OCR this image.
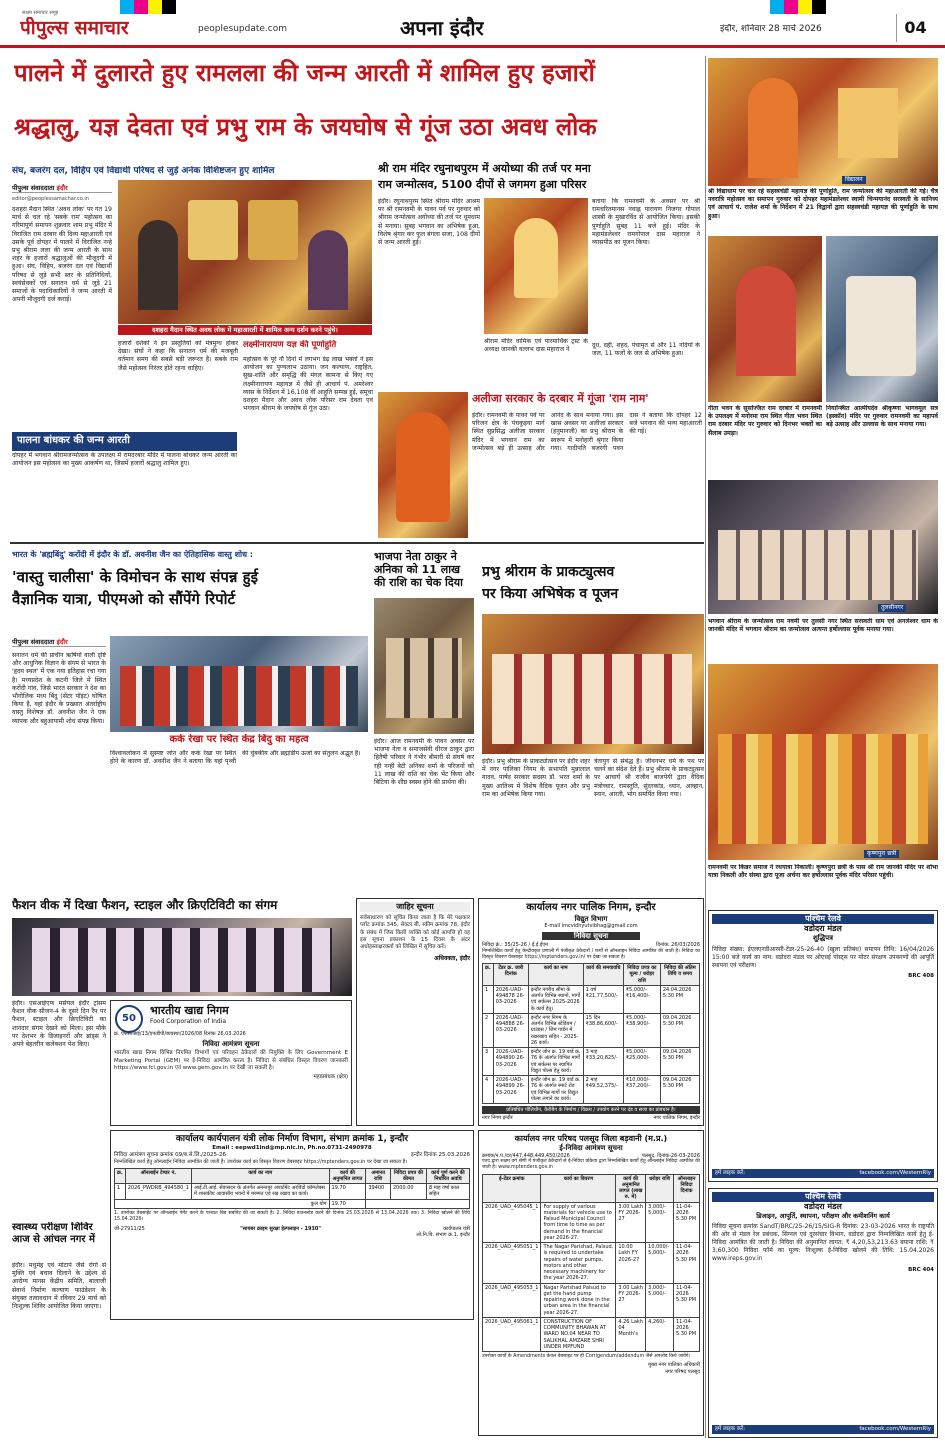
सक्षम समाचार समूह
पीपुल्स समाचार	peoplesupdate.com	अपना इंदौर	इंदौर, शनिवार 28 मार्च 2026	04
पालने में दुलारते हुए रामलला की जन्म आरती में शामिल हुए हजारों
श्रद्धालु, यज्ञ देवता एवं प्रभु राम के जयघोष से गूंज उठा अवध लोक
संघ, बजरंग दल, विहिप एवं विद्यार्थी परिषद से जुड़े अनेक विशिष्टजन हुए शामिल
पीपुल्स संवाददाता इंदौर
editor@peoplessamachar.co.in
दशहरा मैदान स्थित 'अवध लोक' पर गत 19 मार्च से चल रहे 'सबके राम' महोत्सव का गरिमापूर्ण समापन शुक्रवार शाम प्रभु मंदिर में विराजित राम दरबार की दिव्य महाआरती एवं उसके पूर्व दोपहर में पालने में विराजित नन्हे प्रभु श्रीराम लला की जन्म आरती के साथ शहर के हजारों श्रद्धालुओं की मौजूदगी में हुआ। संघ, विहिप, बजरंग दल एवं विद्यार्थी परिषद से जुड़े सभी स्तर के प्रतिनिधियों, स्वयंसेवकों एवं सनातन धर्म से जुड़े 21 समाजों के पदाधिकारियों ने जन्म आरती में अपनी मौजूदगी दर्ज कराई।
दशहरा मैदान स्थित अवध लोक में महाआरती में शामिल अन्य दर्शन करने पहुंचे।
हजारों दर्शकों ने इन प्रस्तुतियों को मंत्रमुग्ध होकर देखा। संघों ने कहा कि सनातन धर्म की मजबूती वर्तमान समय की सबसे बड़ी जरूरत है। सबके राम जैसे महोत्सव निरंतर होते रहना चाहिए।
लक्ष्मीनारायण यज्ञ की पूर्णाहुति
महोत्सव के पूरे नौ दिनों में लगभग डेढ़ लाख भक्तों ने इस आयोजन का पुण्यलाभ उठाया। जन कल्याण, राष्ट्रहित, सुख-शांति और समृद्धि की मंगल कामना से किए गए लक्ष्मीनारायण महायज्ञ में जैसे ही आचार्य पं. अमरेश्वर व्यास के निर्देशन में 16,108 वीं आहुति सम्पन्न हुई, समूचा दशहरा मैदान और अवध लोक परिसर राम देवता एवं भगवान श्रीराम के जयघोष से गूंज उठा।
पालना बांधकर की जन्म आरती
दोपहर में भगवान श्रीरामजन्मोत्सव के उपलक्ष्य में रामदरबार मंदिर में पालना बांधकर जन्म आरती का आयोजन इस महोत्सव का मुख्य आकर्षण था, जिसमें हजारों श्रद्धालु शामिल हुए।
श्री राम मंदिर रघुनाथपुरम में अयोध्या की तर्ज पर मना
राम जन्मोत्सव, 5100 दीपों से जगमग हुआ परिसर
इंदौर। रघुनाथपुरम स्थित श्रीराम मंदिर आश्रम पर श्री रामनवमी के पावन पर्व पर गुरुवार को श्रीराम जन्मोत्सव अयोध्या की तर्ज पर धूमधाम से मनाया। सुबह भगवान का अभिषेक हुआ, विशेष श्रृंगार कर फूल बंगला सजा, 108 दीपों से जन्म आरती हुई।
श्रीराम मंदिर धार्मिक एवं पारमार्थिक ट्रस्ट के अध्यक्ष जानकी वल्लभ दास महाराज ने
बताया कि रामनवमी के अवसर पर श्री रामचरितमानस नवाह्न पारायण निजगर गोपाल शास्त्री के मुखारविंद से आयोजित किया। इसकी पूर्णाहुति सुबह 11 बजे हुई। मंदिर के महामंडलेश्वर रामगोपाल दास महाराज ने व्यासपीठ का पूजन किया।
दूध, दही, शहद, पंचामृत से और 11 नदियों के जल, 11 फलों के जल से अभिषेक हुआ।
अलीजा सरकार के दरबार में गूंजा 'राम नाम'
इंदौर। रामनवमी के पावन पर्व पर परिजन क्षेत्र के पंचकुइया मार्ग स्थित सुप्रसिद्ध अलीजा सरकार मंदिर में भगवान राम का जन्मोत्सव बड़े ही उत्साह और आनंद के साथ मनाया गया। इस खास अवसर पर अलीजा सरकार (हनुमानजी) का प्रभु श्रीराम के स्वरूप में मनोहारी श्रृंगार किया गया। गादीपति बजरंगी पवन दास ने बताया कि दोपहर 12 बजे भगवान की भव्य महाआरती की गई।
विद्यालन
श्री विद्याधाम पर चल रहे सहस्त्रचंडी महायज्ञ की पूर्णाहुति, राम जन्मोत्सव की महाआरती की गई। चैत्र नवरात्रि महोत्सव का समापन गुरुवार को दोपहर महामंडलेश्वर स्वामी चिन्मयानंद सरस्वती के सानिध्य एवं आचार्य पं. राजेश शर्मा के निर्देशन में 21 विद्वानों द्वारा सहस्त्रचंडी महायज्ञ की पूर्णाहुति के साथ हुआ।
गीता भवन के सुसज्जित राम दरबार में रामनवमी के उपलक्ष्य में मनोरमा राम स्थित गीता भवन स्थित राम दरबार मंदिर पर गुरुवार को दिनभर भक्तों का सैलाब उमड़ा।
नियान्स्थित आत्मीयदेव श्रीकृष्णा भागवमूल सत्र (इस्कॉन) मंदिर पर गुरुवार रामनवमी का महापर्व बड़े उत्साह और उल्लास के साथ मनाया गया।
तुलसीनगर
भगवान श्रीराम के जन्मोत्सव राम नवमी पर तुलसी नगर स्थित सरस्वती धाम एवं अनलेश्वर धाम के जानकी मंदिर में भगवान श्रीराम का जन्मोत्सव अत्यन्त हर्षोल्लास पूर्वक मनाया गया।
कृष्णपुरा छत्री
रामनवमी पर किन्नर समाज ने रथयात्रा निकाली। कृष्णपुरा छत्री के पास श्री राम जानकी मंदिर पर शोभा यात्रा निकली और संस्था द्वारा पूजा अर्चना कर हर्षोल्लास पूर्वक मंदिर परिसर पहुंची।
भारत के 'ब्रह्मबिंदु' करोंदी में इंदौर के डॉ. अवनीश जैन का ऐतिहासिक वास्तु शोध :
'वास्तु चालीसा' के विमोचन के साथ संपन्न हुई
वैज्ञानिक यात्रा, पीएमओ को सौंपेंगे रिपोर्ट
पीपुल्स संवाददाता इंदौर
सनातन धर्म की प्राचीन ऋषियों वाली दृष्टि और आधुनिक विज्ञान के संगम से भारत के 'हृदय स्थल' में एक नया इतिहास रचा गया है। मध्यप्रदेश के कटनी जिले में स्थित करोंदी गांव, जिसे भारत सरकार ने देश का भौगोलिक मध्य बिंदु (सेंटर पॉइंट) घोषित किया है, वहां इंदौर के प्रख्यात अंतर्राष्ट्रीय वास्तु विशेषज्ञ डॉ. अवनीश जैन ने एक व्यापक और बहुआयामी शोध संपन्न किया।
कर्क रेखा पर स्थित केंद्र बिंदु का महत्व
विश्वावलोकन में सुस्पष्ट जोन और कर्क रेखा पर स्थित होने के कारण डॉ. अवनीश जैन ने बताया कि यहां पृथ्वी की चुंबकीय और ब्रह्मांडीय ऊर्जा का संतुलन अद्भुत है।
भाजपा नेता ठाकुर ने
अनिका को 11 लाख
की राशि का चेक दिया
इंदौर। आज रामनवमी के पावन अवसर पर भाजपा नेता व समाजसेवी धीरज ठाकुर द्वारा हितैषी परिवार ने गंभीर बीमारी से संघर्ष कर रही नन्ही बेटी अनिका शर्मा के परिजनों को 11 लाख की राशि का चेक भेंट किया और बिटिया के शीघ्र स्वस्थ होने की प्रार्थना की।
प्रभु श्रीराम के प्राकट्युत्सव
पर किया अभिषेक व पूजन
इंदौर। प्रभु श्रीराम के प्राकट्योत्सव पर इंदौर शहर में नगर पालिका निगम के सभापति मुन्नालाल यादव, पार्षद सरकार सदस्य डॉ. भरत शर्मा के मुख्य आतिथ्य में विशेष वैदिक पूजन और प्रभु राम का अभिषेक किया गया।
त्रेतायुग से संबंद्ध है। जीवनभर धर्म के पथ पर चलने का संदेश देते हैं। प्रभु श्रीराम के प्राकट्युत्सव पर आचार्य श्री राजीव बाजपेयी द्वारा वैदिक मंत्रोच्चार, रामस्तुति, सुंदरकांड, ध्यान, आव्हान, स्नान, आरती, भोग समर्पित किया गया।
फैशन वीक में दिखा फैशन, स्टाइल और क्रिएटिविटी का संगम
इंदौर। एसआईएफ मसेयल इंदौर ट्रांसम फैशन वीक सीजन-4 के दूसरे दिन रैंप पर फैशन, स्टाइल और क्रिएटिविटी का शानदार संगम देखने को मिला। इस मौके पर देशभर के डिजाइनरों और ब्रांड्स ने अपने बेहतरीन कलेक्शन पेश किए।
50
भारतीय खाद्य निगम
Food Corporation of India
क्र. एफसीआई/13/एफडीपी/ब्यवस्था/2026/08 दिनांक 26.03.2026
निविदा आमंत्रण सूचना
भारतीय खाद्य निगम विभिन्न निगमित विभागों एवं परिवहन ठेकेदारों की नियुक्ति के लिए Government E Marketing Portal (GEM) पर ई-निविदा आमंत्रित करता है। निविदा से संबंधित विस्तृत विवरण जानकारी https://www.fci.gov.in एवं www.gem.gov.in पर देखी जा सकती है।
महाप्रबंधक (क्षेत्र)
जाहिर सूचना
सर्वसाधारण को सूचित किया जाता है कि मेरे पक्षकार प्लॉट क्रमांक 345, सेक्टर बी, स्कीम क्रमांक 78, इंदौर के संबंध में जिस किसी व्यक्ति को कोई आपत्ति हो वह इस सूचना प्रकाशन के 15 दिवस के अंदर अधोहस्ताक्षरकर्ता को लिखित में सूचित करें।
अधिवक्ता, इंदौर
कार्यालय नगर पालिक निगम, इन्दौर
विद्युत विभाग
E-mail imcvidhyutvibhag@gmail.com
निविदा सूचना
निविदा क्रं.: 35/25-26 / ई.ई.ईएम	दिनांक: 26/03/2026
निम्नलिखित कार्यों हेतु केन्द्रीयकृत प्रणाली में पंजीकृत ठेकेदारों / फर्मों से ऑनलाइन निविदा आमंत्रित की जाती है। निविदा का विस्तृत विवरण वेबसाइट https://mptenders.gov.in/ पर देखा जा सकता है।
क्र.	टेंडर क्र. जारी दिनांक	कार्य का नाम	कार्य की समयावधि	निविदा प्रपत्र का मूल्य / धरोहर राशि	निविदा की अंतिम तिथि व समय
1	2026-UAD-494878 26-03-2026	इन्दौर नगरीय सीमा के अंतर्गत विभिन्न स्थानों, मार्गों एवं सर्कल्स 2025-2026 के कार्य हेतु।	1 वर्ष ₹21,77,500/-	₹5,000/- ₹16,400/-	24.04.2026 5:30 PM
2	2026-UAD-494888 26-03-2026	इन्दौर नगर निगम के अंतर्गत विभिन्न स्टेडियम / ग्राउंडस / जिम गार्डन में रखरखाव सहित - 2025-26 कार्य।	15 दिन ₹38,86,600/-	₹5,000/- ₹38,900/-	09.04.2026 5:30 PM
3	2026-UAD-494890 26-03-2026	इन्दौर जोन क्र. 19 वार्ड क्र. 76 के अंतर्गत विभिन्न मार्गों एवं सर्कल्स पर स्थापित विद्युत पोल्स हेतु कार्य।	3 माह ₹33,20,825/-	₹5,000/- ₹25,000/-	09.04.2026 5:30 PM
4	2026-UAD-494899 26-03-2026	इन्दौर जोन क्र. 19 वार्ड क्र. 76 के अंतर्गत स्मार्ट रोड एवं विभिन्न मार्गों पर विद्युत पोल्स लगाने का कार्य।	2 माह ₹49,52,375/-	₹10,000/- ₹37,200/-	09.04.2026 5:30 PM
प्रतिबंधित पॉलिथीन, कैरीबैग के निर्माण / विक्रय / उपयोग करने पर दंड व सजा का प्रावधान है।
नगर निगम इन्दौर	नगर पालिक निगम, इन्दौर
कार्यालय कार्यपालन यंत्री लोक निर्माण विभाग, संभाग क्रमांक 1, इन्दौर
Email : eepwd1ind@mp.nic.in, Ph.no.0731-2490978
निविदा आमंत्रण सूचना क्रमांक 09/ब.से.लि./2025-26	इन्दौर दिनांक 25.03.2026
निम्नलिखित कार्य हेतु ऑनलाईन निविदा आमंत्रित की जाती है। उपरोक्त कार्य का विस्तृत विवरण वेबसाइट https://mptenders.gov.in पर देखा जा सकता है।
क्र.	ऑनलाईन टेण्डर नं.	कार्य का नाम	कार्य की अनुमानित लागत	अमानत राशि	निविदा प्रपत्र की कीमत	कार्य पूर्ण करने की निर्धारित अवधि
1	2026_PWDRB_494580_1	आई.टी.आई. सेवासदन के अंतर्गत अनन्तपुर अपार्टमेंट अरविंदो कॉम्प्लेक्स में शासकीय आवासीय भवनों में मरम्मत एवं रख रखाव का कार्य।	19.70	39400	2000.00	8 माह वर्षा काल सहित
कुल योग			19.70			
1. उपरोक्त वेबसाईट पर ऑनलाईन पेमेंट करने के पश्चात बिड सबमिट की जा सकती है। 2. निविदा डाउनलोड करने की दिनांक 25.03.2026 से 13.04.2026 तक। 3. निविदा खोलने की तिथि 15.04.2026।
जी-27911/25	"सायबर क्राइम सुरक्षा हेल्पलाइन - 1930"	कार्यपालन यंत्री
लो.नि.वि. संभाग क्र.1, इन्दौर
कार्यालय नगर परिषद पलसूद जिला बड़वानी (म.प्र.)
ई-निविदा आमंत्रण सूचना
क्रमांक/न.प./दर/447,448,449,450/2026	पलसूद, दिनांक-26-03-2026
एतद द्वारा सक्षम वर्ग श्रेणी में पंजीकृत ठेकेदारों से ई-निविदा प्रक्रिया द्वारा निम्नलिखित कार्यों हेतु ऑनलाईन निविदा आमंत्रित की जाती है। www.mptenders.gov.in
ई-टेंडर क्रमांक	कार्य का विवरण	कार्य की अनुमानित लागत (लाख रु. में)	धरोहर राशि	ऑनलाइन निविदा दिनांक
2026_UAD_495045_1	For supply of various materials for vehicle use to Palsud Municipal Council from time to time as per demand in the financial year 2026-27.	3.00 Lakh FY 2026-27	3,000/- 5,000/-	11-04-2026 5.30 PM
2026_UAD_495051_1	The Nagar Parishad, Palsud, is required to undertake repairs of water pumps, motors and other necessary machinery for the year 2026-27.	10.00 Lakh FY 2026-27	10,000/- 5,000/-	11-04-2026 5.30 PM
2026_UAD_495053_1	Nagar Parishad Palsud to get the hand pump repairing work done in the urban area in the financial year 2026-27.	3.00 Lakh FY 2026-27	3,000/- 5,000/-	11-04-2026 5.30 PM
2026_UAD_495061_1	CONSTRUCTION OF COMMUNITY BHAWAN AT WARD NO.04 NEAR TO SALIKHAL AMZARE SHRI UNDER MPFUND	4.26 Lakh 04 Month's	4,260/-	11-04-2026 5.30 PM
उपरोक्त कार्यों के Amendments केवल वेबसाइट पर ही Corrigendum/addendum जैसे अपलोड किये जायेंगे।
मुख्य नगर पालिका अधिकारी
नगर परिषद पलसूद
स्वास्थ्य परीक्षण शिविर
आज से आंचल नगर में
इंदौर। मधुमेह एवं मोटापे जैसे रोगों से मुक्ति एवं बचाव दिलाने के उद्देश्य से आरोग्य मानस केंद्रीय समिति, बालाजी सेवार्थ निर्माण कल्याण फाउंडेशन के संयुक्त तत्वावधान में रविवार 29 मार्च को निःशुल्क शिविर आयोजित किया जाएगा।
पश्चिम रेलवे
वडोदरा मंडल
शुद्धिपत्र
निविदा संख्या: ईएलएनडीआरसी-टेंडर-25-26-40 (खुला प्रतिबंध) समापन तिथि: 16/04/2026 15:00 बजे कार्य का नाम: वडोदरा मंडल पर ओएचई पोस्ट्स पर मोटर संरक्षण उपकरणों की आपूर्ति स्थापना एवं परीक्षण।
BRC 408
हमें लाइक करें:	facebook.com/WesternRly
पश्चिम रेलवे
वडोदरा मंडल
डिजाइन, आपूर्ति, स्थापना, परीक्षण और कमीशनिंग कार्य
निविदा सूचना क्रमांक SandT/BRC/25-26/15/SIG-R दिनांक: 23-03-2026 भारत के राष्ट्रपति की ओर से मंडल रेल प्रबंधक, सिग्नल एवं दूरसंचार विभाग, वडोदरा द्वारा निम्नलिखित कार्य हेतु ई-निविदा आमंत्रित की जाती है। निविदा की अनुमानित लागत: ₹ 4,20,53,213.63 बयाना राशि: ₹ 3,60,300 निविदा फॉर्म का मूल्य: निःशुल्क ई-निविदा खोलने की तिथि: 15.04.2026 www.ireps.gov.in
BRC 404
हमें लाइक करें:	facebook.com/WesternRly
